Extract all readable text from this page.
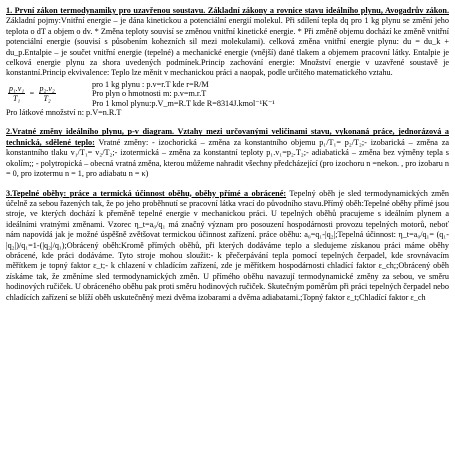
1. První zákon termodynamiky pro uzavřenou soustavu. Základní zákony a rovnice stavu ideálního plynu, Avogadrův zákon. Základní pojmy:Vnitřní energie – je dána kinetickou a potenciální energií molekul. Při sdílení tepla dq pro 1 kg plynu se změní jeho teplota o dT a objem o dv. * Změna teploty souvisí se změnou vnitřní kinetické energie. * Při změně objemu dochází ke změně vnitřní potenciální energie (souvisí s působením kohezních sil mezi molekulami). celková změna vnitřní energie plynu: du = du_k + du_p.Entalpie – je součet vnitřní energie (tepelné) a mechanické energie (vnější) dané tlakem a objemem pracovní látky. Entalpie je celková energie plynu za shora uvedených podmínek.Princip zachování energie: Množství energie v uzavřené soustavě je konstantní.Princip ekvivalence: Teplo lze měnit v mechanickou práci a naopak, podle určitého matematického vztahu.
$\frac{\text{p₁.v₁}}{\text{T₁}} = \frac{\text{p₂.v₂}}{\text{T₂}}$
pro 1 kg plynu : p.v=r.T kde r=R/M
Pro plyn o hmotnosti m: p.v=m.r.T
Pro 1 kmol plynu:p.V_m=R.T kde R=8314J.kmol⁻¹K⁻¹
Pro látkové množství n: p.V=n.R.T
2.Vratné změny ideálního plynu, p-v diagram. Vztahy mezi určovanými veličinami stavu, vykonaná práce, jednorázová a technická, sdělené teplo: Vratné změny: - izochorická – změna za konstantního objemu p₁/T₁= p₂/T₂;- izobarická – změna za konstantního tlaku v₁/T₁= v₂/T₂;- izotermická – změna za konstantní teploty p₁.v₁=p₂.T₂;- adiabatická – změna bez výměny tepla s okolím;; - polytropická – obecná vratná změna, kterou můžeme nahradit všechny předcházející (pro izochoru n =nekon. , pro izobaru n = 0, pro izotermu n = 1, pro adiabatu n = κ)
3.Tepelné oběhy: práce a termická účinnost oběhu, oběhy přímé a obrácené: Tepelný oběh je sled termodynamických změn účelně za sebou řazených tak, že po jeho proběhnutí se pracovní látka vrací do původního stavu.Přímý oběh:Tepelné oběhy přímé jsou stroje, ve kterých dochází k přeměně tepelné energie v mechanickou práci. U tepelných oběhů pracujeme s ideálním plynem a ideálními vratnými změnami. Vzorec η_t=a₀/q₁ má značný význam pro posouzení hospodárnosti provozu tepelných motorů, neboť nám napovídá jak je možné úspěšně zvětšovat termickou účinnost zařízení. práce oběhu: a₀=q₁-|q₂|;Tepelná účinnost: η_t=a₀/q₁= (q₁-|q₂|)/q₁=1-(|q₂|/q₁);Obrácený oběh:Kromě přímých oběhů, při kterých dodáváme teplo a sledujeme získanou práci máme oběhy obrácené, kde práci dodáváme. Tyto stroje mohou sloužit:- k přečerpávání tepla pomocí tepelných čerpadel, kde srovnávacím měřítkem je topný faktor ε_t;- k chlazení v chladícím zařízení, zde je měřítkem hospodárnosti chladící faktor ε_ch;;Obrácený oběh získáme tak, že změníme sled termodynamických změn. U přímého oběhu navazují termodynamické změny za sebou, ve směru hodinových ručiček. U obráceného oběhu pak proti směru hodinových ručiček. Skutečným poměrům při práci tepelných čerpadel nebo chladících zařízení se blíží oběh uskutečněný mezi dvěma izobarami a dvěma adiabatami.;Topný faktor ε_t;Chladící faktor ε_ch
